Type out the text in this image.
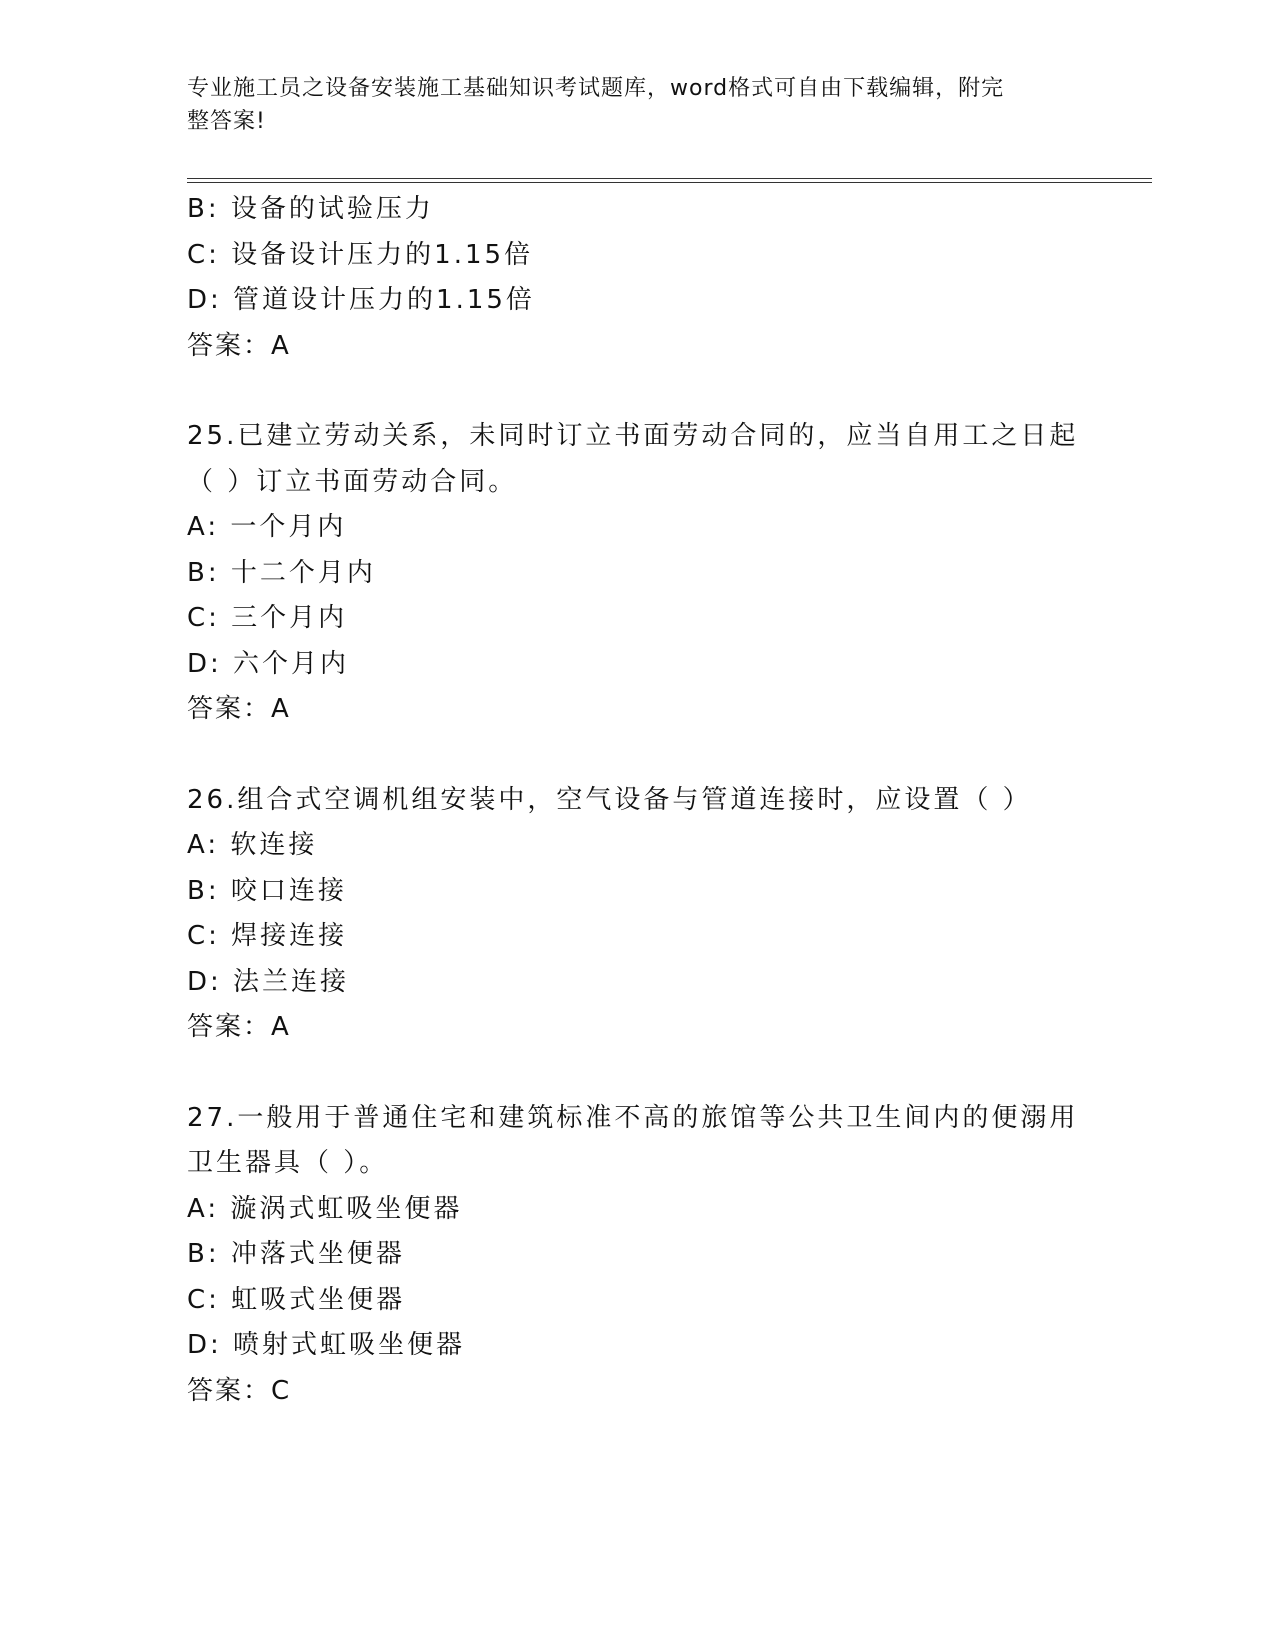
专业施工员之设备安装施工基础知识考试题库，word格式可自由下载编辑，附完
整答案!
B: 设备的试验压力
C: 设备设计压力的1.15倍
D: 管道设计压力的1.15倍
答案：A
25.已建立劳动关系，未同时订立书面劳动合同的，应当自用工之日起
（ ）订立书面劳动合同。
A: 一个月内
B: 十二个月内
C: 三个月内
D: 六个月内
答案：A
26.组合式空调机组安装中，空气设备与管道连接时，应设置（ ）
A: 软连接
B: 咬口连接
C: 焊接连接
D: 法兰连接
答案：A
27.一般用于普通住宅和建筑标准不高的旅馆等公共卫生间内的便溺用
卫生器具（ ）。
A: 漩涡式虹吸坐便器
B: 冲落式坐便器
C: 虹吸式坐便器
D: 喷射式虹吸坐便器
答案：C
